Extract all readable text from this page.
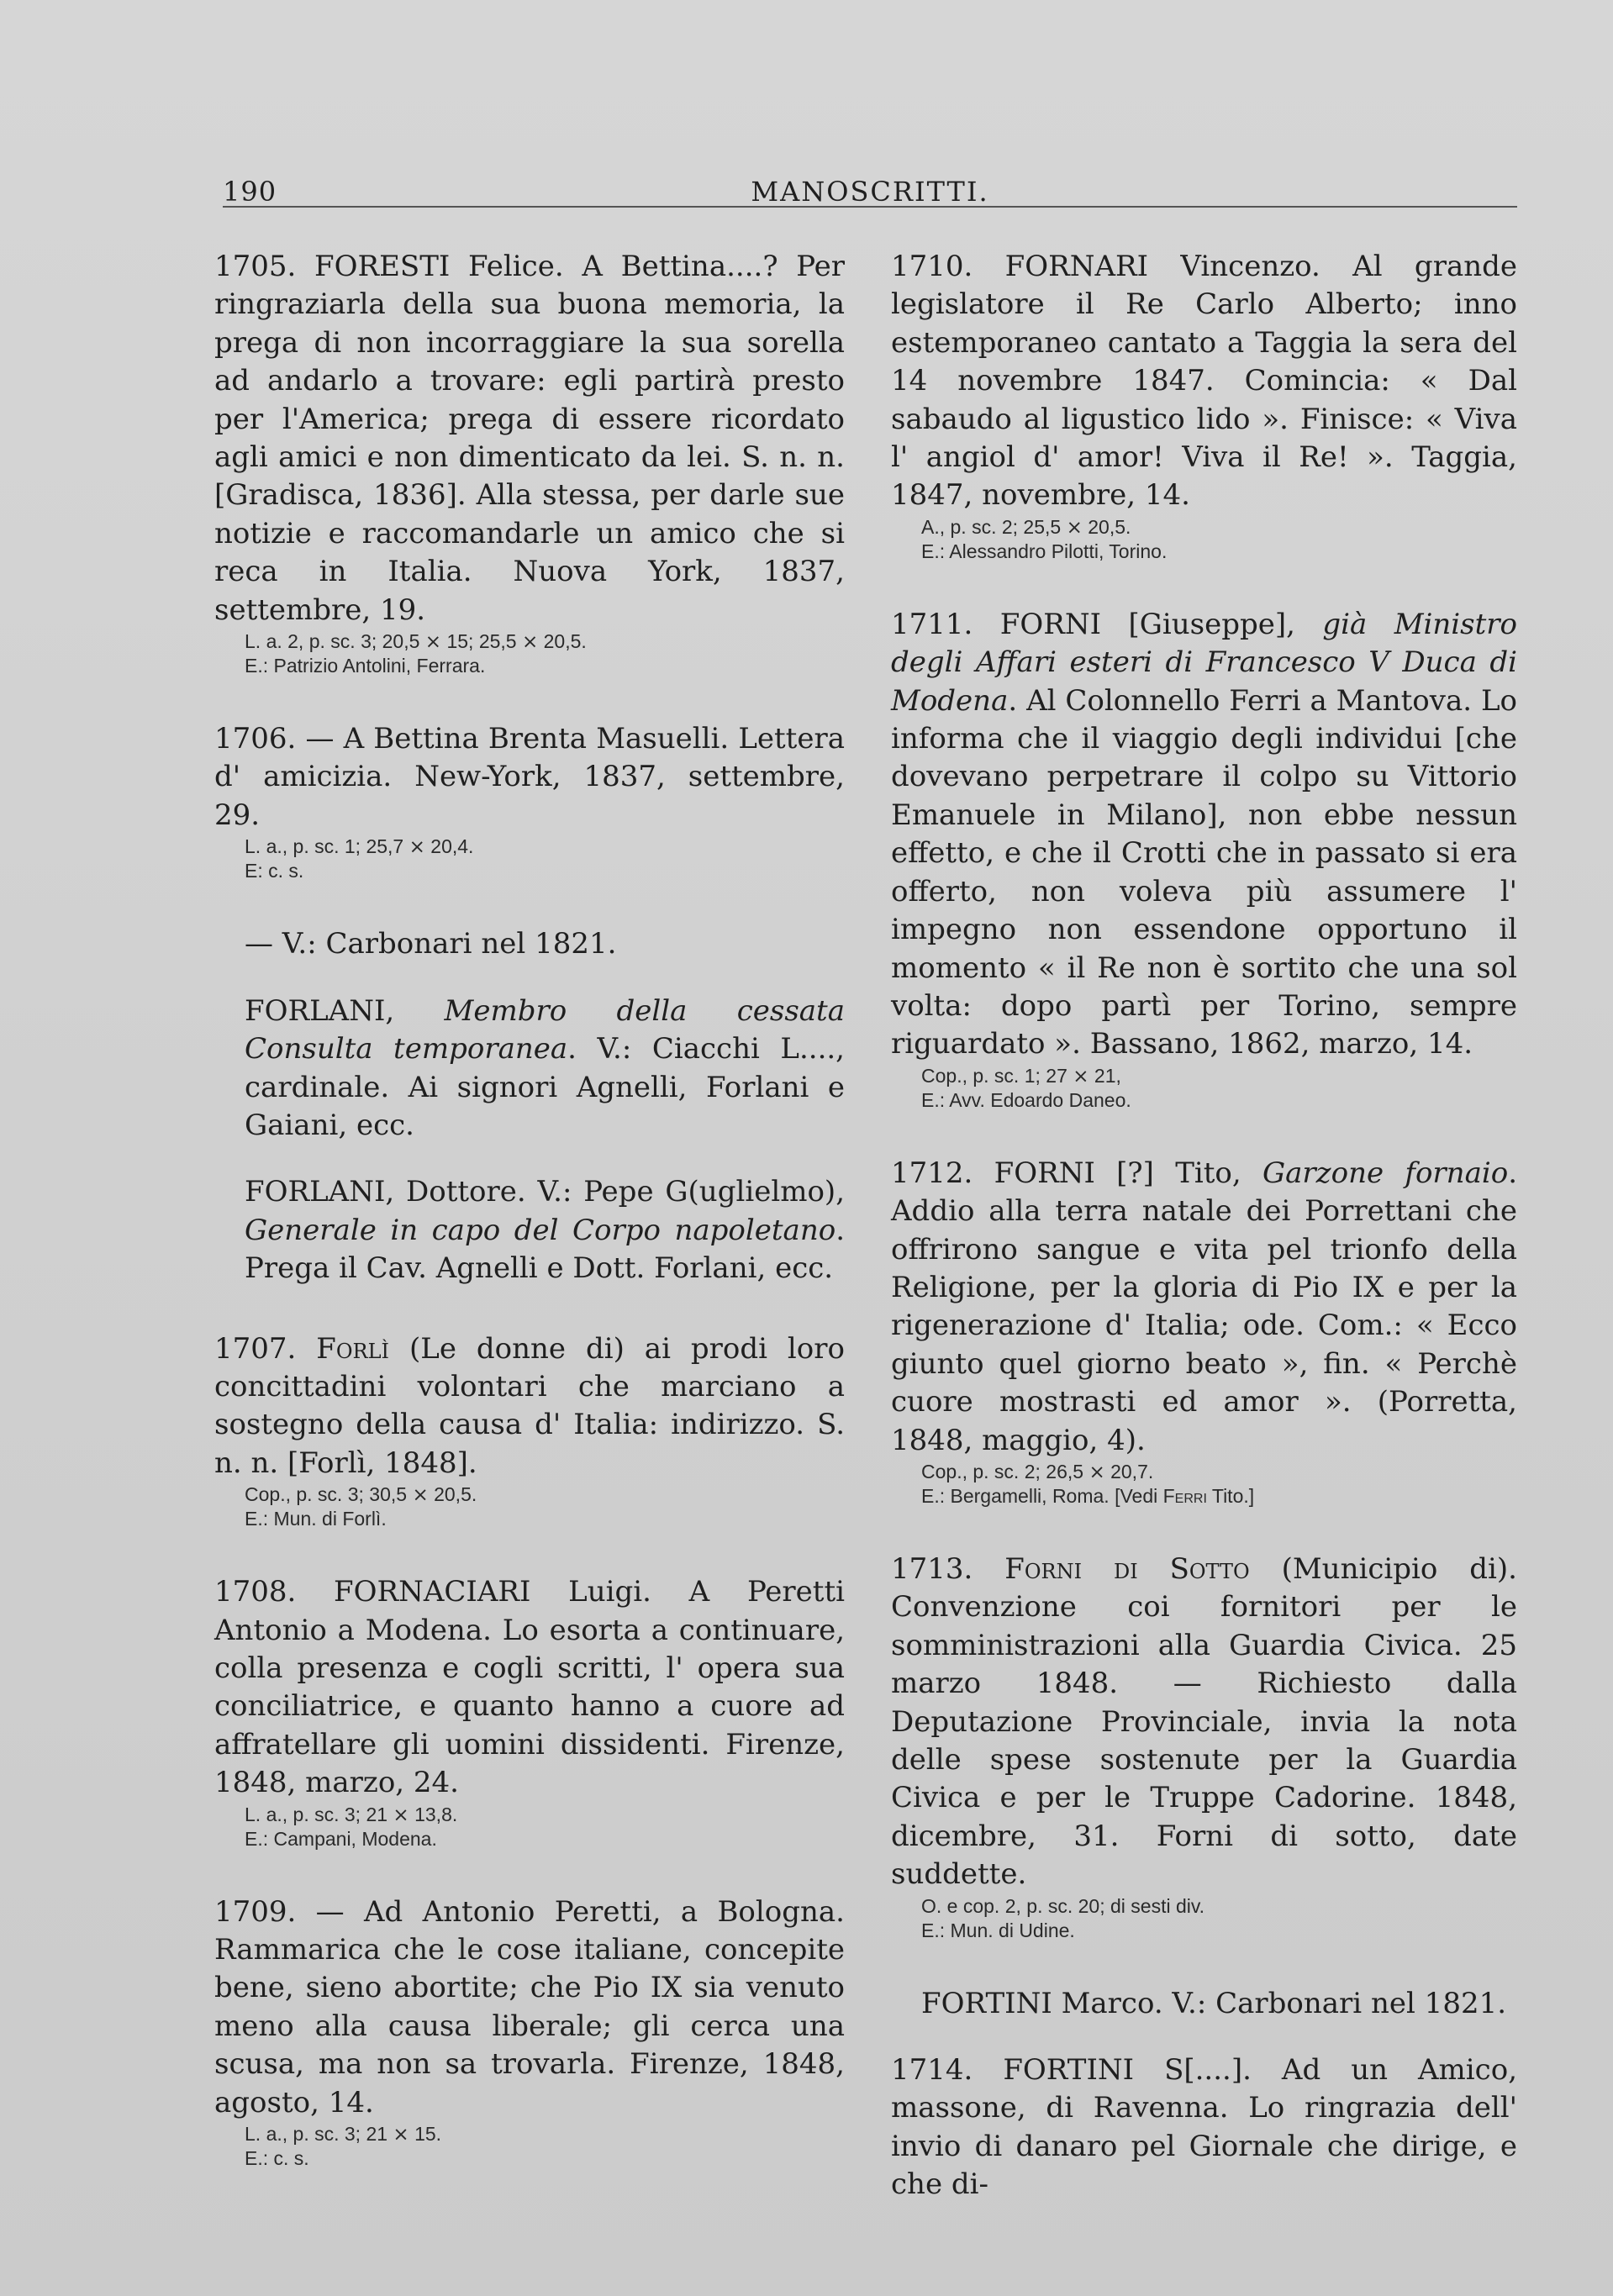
190	MANOSCRITTI.
1705. FORESTI Felice. A Bettina....? Per ringraziarla della sua buona memoria, la prega di non incorraggiare la sua sorella ad andarlo a trovare: egli partirà presto per l'America; prega di essere ricordato agli amici e non dimenticato da lei. S. n. n. [Gradisca, 1836]. Alla stessa, per darle sue notizie e raccomandarle un amico che si reca in Italia. Nuova York, 1837, settembre, 19.
L. a. 2, p. sc. 3; 20,5 ⨯ 15; 25,5 ⨯ 20,5.
E.: Patrizio Antolini, Ferrara.
1706. — A Bettina Brenta Masuelli. Lettera d' amicizia. New-York, 1837, settembre, 29.
L. a., p. sc. 1; 25,7 ⨯ 20,4.
E: c. s.
— V.: Carbonari nel 1821.
FORLANI, Membro della cessata Consulta temporanea. V.: Ciacchi L...., cardinale. Ai signori Agnelli, Forlani e Gaiani, ecc.
FORLANI, Dottore. V.: Pepe G(uglielmo), Generale in capo del Corpo napoletano. Prega il Cav. Agnelli e Dott. Forlani, ecc.
1707. Forlì (Le donne di) ai prodi loro concittadini volontari che marciano a sostegno della causa d' Italia: indirizzo. S. n. n. [Forlì, 1848].
Cop., p. sc. 3; 30,5 ⨯ 20,5.
E.: Mun. di Forlì.
1708. FORNACIARI Luigi. A Peretti Antonio a Modena. Lo esorta a continuare, colla presenza e cogli scritti, l' opera sua conciliatrice, e quanto hanno a cuore ad affratellare gli uomini dissidenti. Firenze, 1848, marzo, 24.
L. a., p. sc. 3; 21 ⨯ 13,8.
E.: Campani, Modena.
1709. — Ad Antonio Peretti, a Bologna. Rammarica che le cose italiane, concepite bene, sieno abortite; che Pio IX sia venuto meno alla causa liberale; gli cerca una scusa, ma non sa trovarla. Firenze, 1848, agosto, 14.
L. a., p. sc. 3; 21 ⨯ 15.
E.: c. s.
1710. FORNARI Vincenzo. Al grande legislatore il Re Carlo Alberto; inno estemporaneo cantato a Taggia la sera del 14 novembre 1847. Comincia: « Dal sabaudo al ligustico lido ». Finisce: « Viva l' angiol d' amor! Viva il Re! ». Taggia, 1847, novembre, 14.
A., p. sc. 2; 25,5 ⨯ 20,5.
E.: Alessandro Pilotti, Torino.
1711. FORNI [Giuseppe], già Ministro degli Affari esteri di Francesco V Duca di Modena. Al Colonnello Ferri a Mantova. Lo informa che il viaggio degli individui [che dovevano perpetrare il colpo su Vittorio Emanuele in Milano], non ebbe nessun effetto, e che il Crotti che in passato si era offerto, non voleva più assumere l' impegno non essendone opportuno il momento « il Re non è sortito che una sol volta: dopo partì per Torino, sempre riguardato ». Bassano, 1862, marzo, 14.
Cop., p. sc. 1; 27 ⨯ 21,
E.: Avv. Edoardo Daneo.
1712. FORNI [?] Tito, Garzone fornaio. Addio alla terra natale dei Porrettani che offrirono sangue e vita pel trionfo della Religione, per la gloria di Pio IX e per la rigenerazione d' Italia; ode. Com.: « Ecco giunto quel giorno beato », fin. « Perchè cuore mostrasti ed amor ». (Porretta, 1848, maggio, 4).
Cop., p. sc. 2; 26,5 ⨯ 20,7.
E.: Bergamelli, Roma. [Vedi Ferri Tito.]
1713. Forni di Sotto (Municipio di). Convenzione coi fornitori per le somministrazioni alla Guardia Civica. 25 marzo 1848. — Richiesto dalla Deputazione Provinciale, invia la nota delle spese sostenute per la Guardia Civica e per le Truppe Cadorine. 1848, dicembre, 31. Forni di sotto, date suddette.
O. e cop. 2, p. sc. 20; di sesti div.
E.: Mun. di Udine.
FORTINI Marco. V.: Carbonari nel 1821.
1714. FORTINI S[....]. Ad un Amico, massone, di Ravenna. Lo ringrazia dell' invio di danaro pel Giornale che dirige, e che di-
